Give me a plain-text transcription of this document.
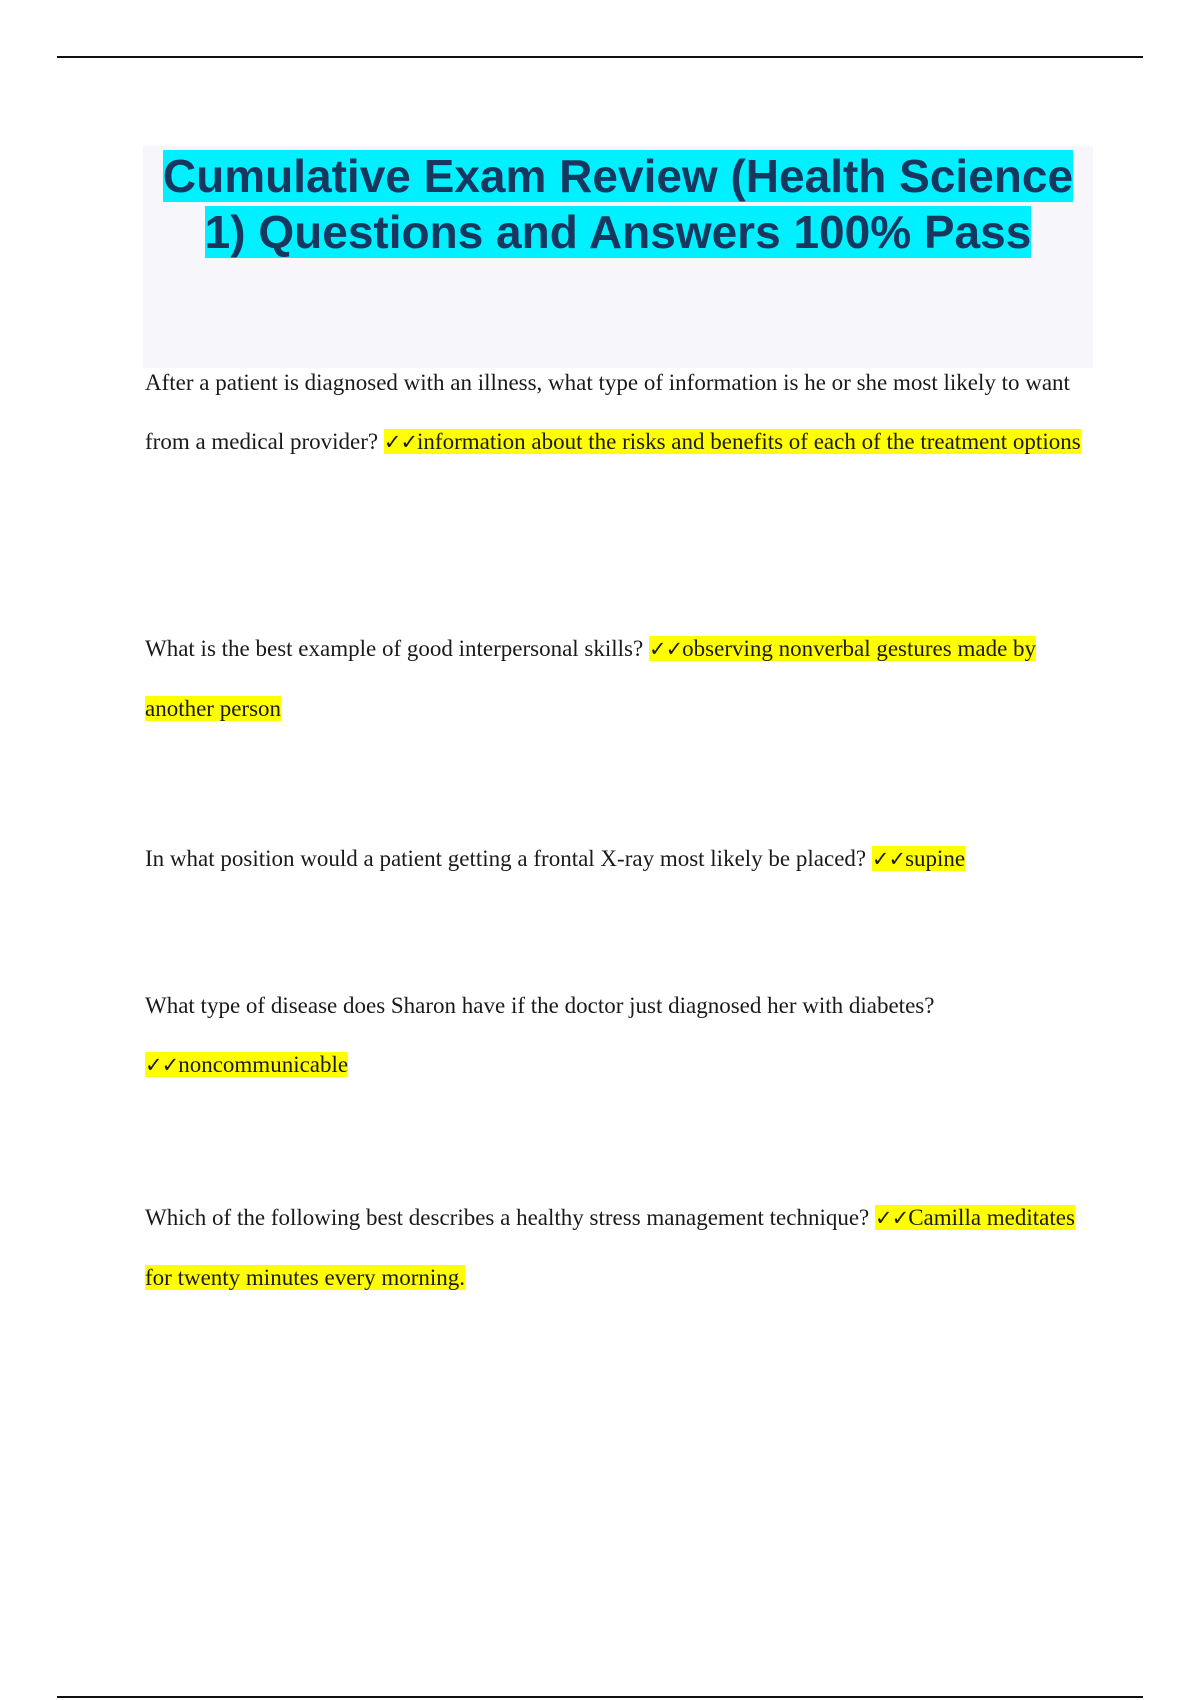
Cumulative Exam Review (Health Science 1) Questions and Answers 100% Pass

After a patient is diagnosed with an illness, what type of information is he or she most likely to want from a medical provider? ✓✓information about the risks and benefits of each of the treatment options

What is the best example of good interpersonal skills? ✓✓observing nonverbal gestures made by another person

In what position would a patient getting a frontal X-ray most likely be placed? ✓✓supine

What type of disease does Sharon have if the doctor just diagnosed her with diabetes? ✓✓noncommunicable

Which of the following best describes a healthy stress management technique? ✓✓Camilla meditates for twenty minutes every morning.
